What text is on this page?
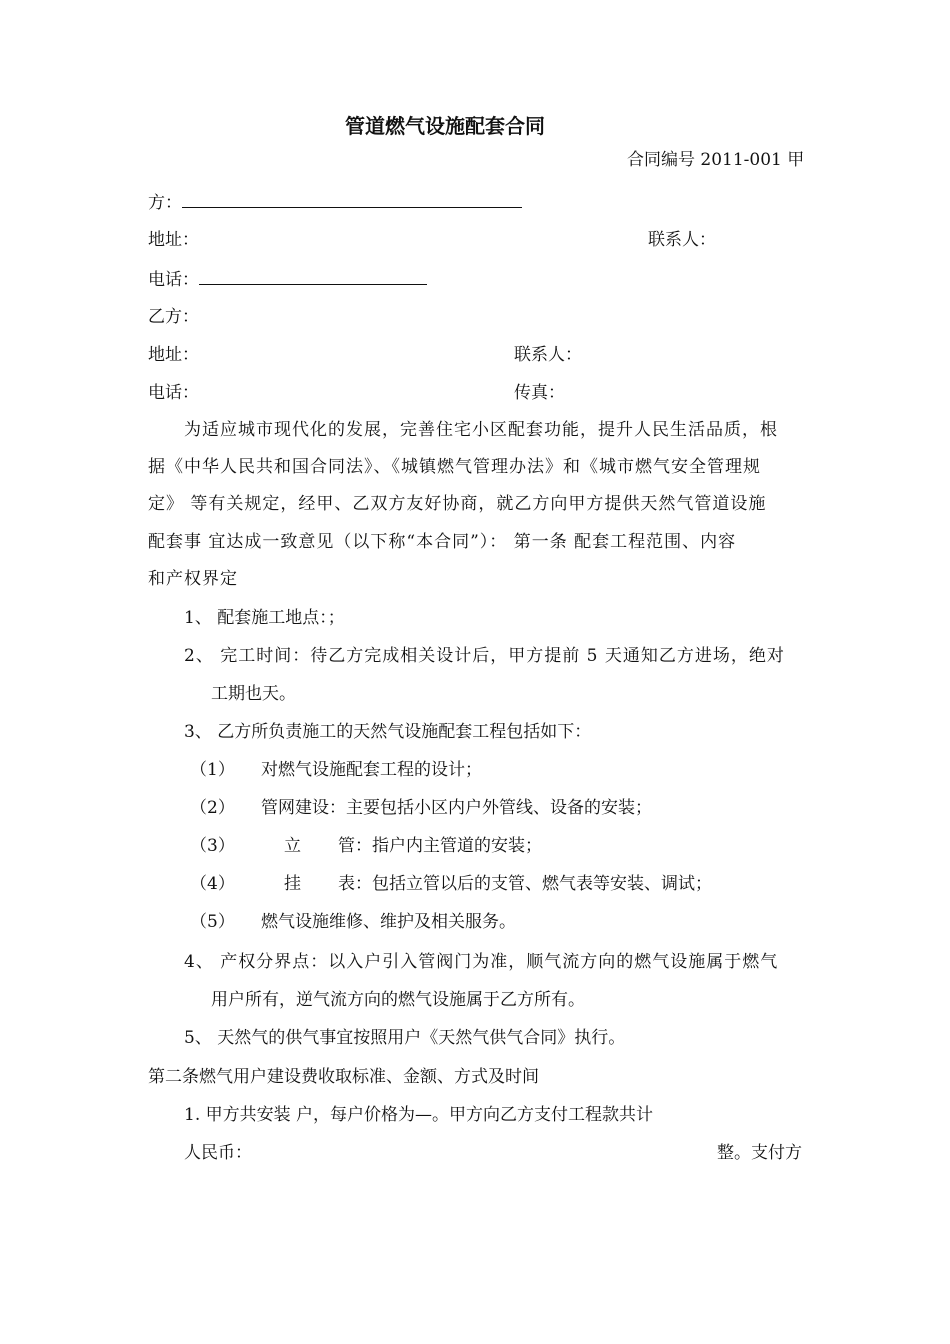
管道燃气设施配套合同
合同编号 2011-001 甲
方：
地址：	联系人：
电话：
乙方：
地址：	联系人：
电话：	传真：
为适应城市现代化的发展，完善住宅小区配套功能，提升人民生活品质，根
据《中华人民共和国合同法》、《城镇燃气管理办法》和《城市燃气安全管理规
定》 等有关规定，经甲、乙双方友好协商，就乙方向甲方提供天然气管道设施
配套事 宜达成一致意见（以下称“本合同”）： 第一条 配套工程范围、内容
和产权界定
1、 配套施工地点：；
2、 完工时间：待乙方完成相关设计后，甲方提前 5 天通知乙方进场，绝对
工期也天。
3、 乙方所负责施工的天然气设施配套工程包括如下：
（1） 对燃气设施配套工程的设计；
（2） 管网建设：主要包括小区内户外管线、设备的安装；
（3）	立 管：指户内主管道的安装；
（4）	挂 表：包括立管以后的支管、燃气表等安装、调试；
（5） 燃气设施维修、维护及相关服务。
4、 产权分界点：以入户引入管阀门为准，顺气流方向的燃气设施属于燃气
用户所有，逆气流方向的燃气设施属于乙方所有。
5、 天然气的供气事宜按照用户《天然气供气合同》执行。
第二条燃气用户建设费收取标准、金额、方式及时间
1. 甲方共安装 户，每户价格为—。甲方向乙方支付工程款共计
人民币：	整。支付方
